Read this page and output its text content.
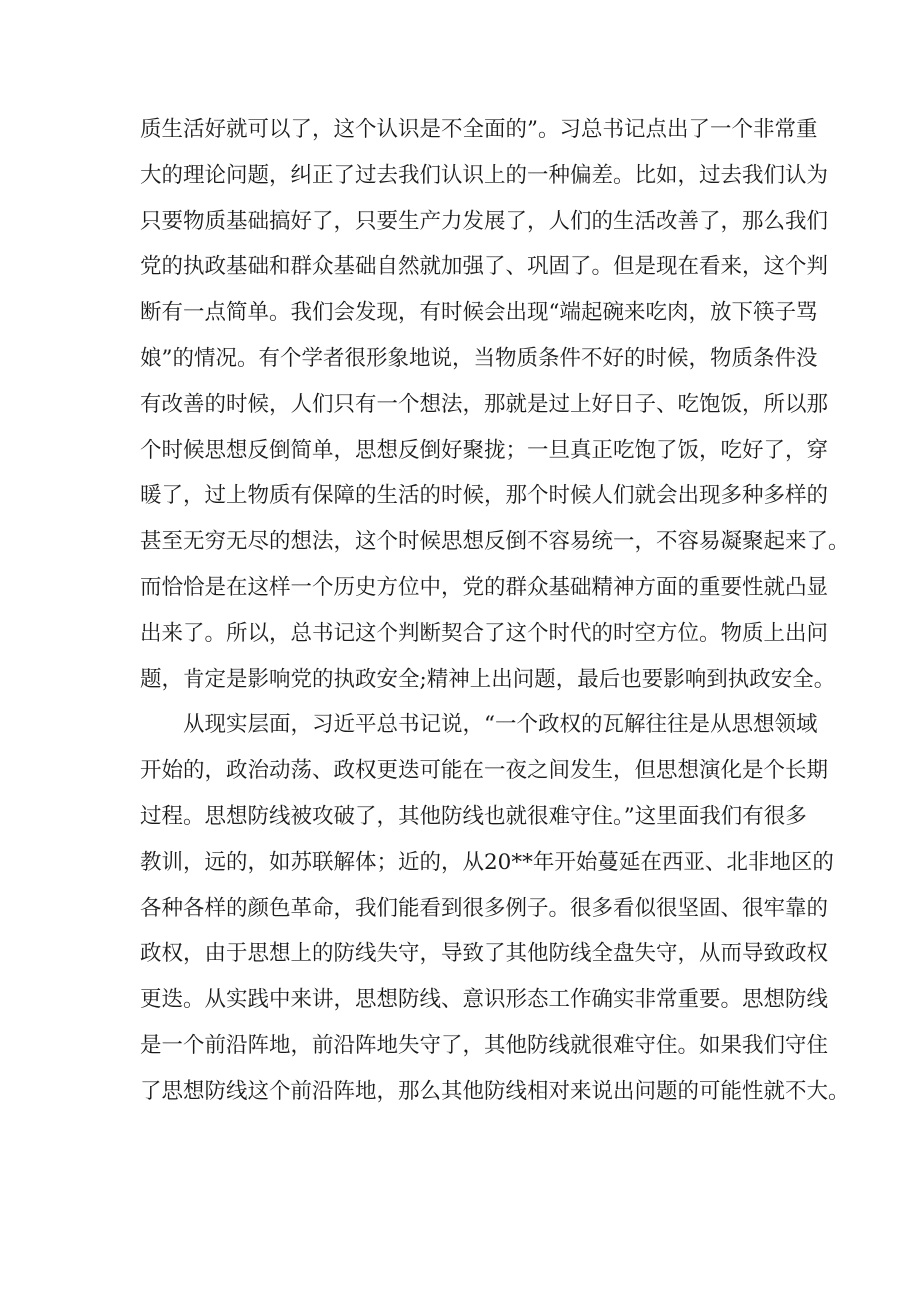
质生活好就可以了，这个认识是不全面的”。习总书记点出了一个非常重
大的理论问题，纠正了过去我们认识上的一种偏差。比如，过去我们认为
只要物质基础搞好了，只要生产力发展了，人们的生活改善了，那么我们
党的执政基础和群众基础自然就加强了、巩固了。但是现在看来，这个判
断有一点简单。我们会发现，有时候会出现“端起碗来吃肉，放下筷子骂
娘”的情况。有个学者很形象地说，当物质条件不好的时候，物质条件没
有改善的时候，人们只有一个想法，那就是过上好日子、吃饱饭，所以那
个时候思想反倒简单，思想反倒好聚拢；一旦真正吃饱了饭，吃好了，穿
暖了，过上物质有保障的生活的时候，那个时候人们就会出现多种多样的
甚至无穷无尽的想法，这个时候思想反倒不容易统一，不容易凝聚起来了。
而恰恰是在这样一个历史方位中，党的群众基础精神方面的重要性就凸显
出来了。所以，总书记这个判断契合了这个时代的时空方位。物质上出问
题，肯定是影响党的执政安全;精神上出问题，最后也要影响到执政安全。
从现实层面，习近平总书记说，“一个政权的瓦解往往是从思想领域
开始的，政治动荡、政权更迭可能在一夜之间发生，但思想演化是个长期
过程。思想防线被攻破了，其他防线也就很难守住。”这里面我们有很多
教训，远的，如苏联解体；近的，从20**年开始蔓延在西亚、北非地区的
各种各样的颜色革命，我们能看到很多例子。很多看似很坚固、很牢靠的
政权，由于思想上的防线失守，导致了其他防线全盘失守，从而导致政权
更迭。从实践中来讲，思想防线、意识形态工作确实非常重要。思想防线
是一个前沿阵地，前沿阵地失守了，其他防线就很难守住。如果我们守住
了思想防线这个前沿阵地，那么其他防线相对来说出问题的可能性就不大。
